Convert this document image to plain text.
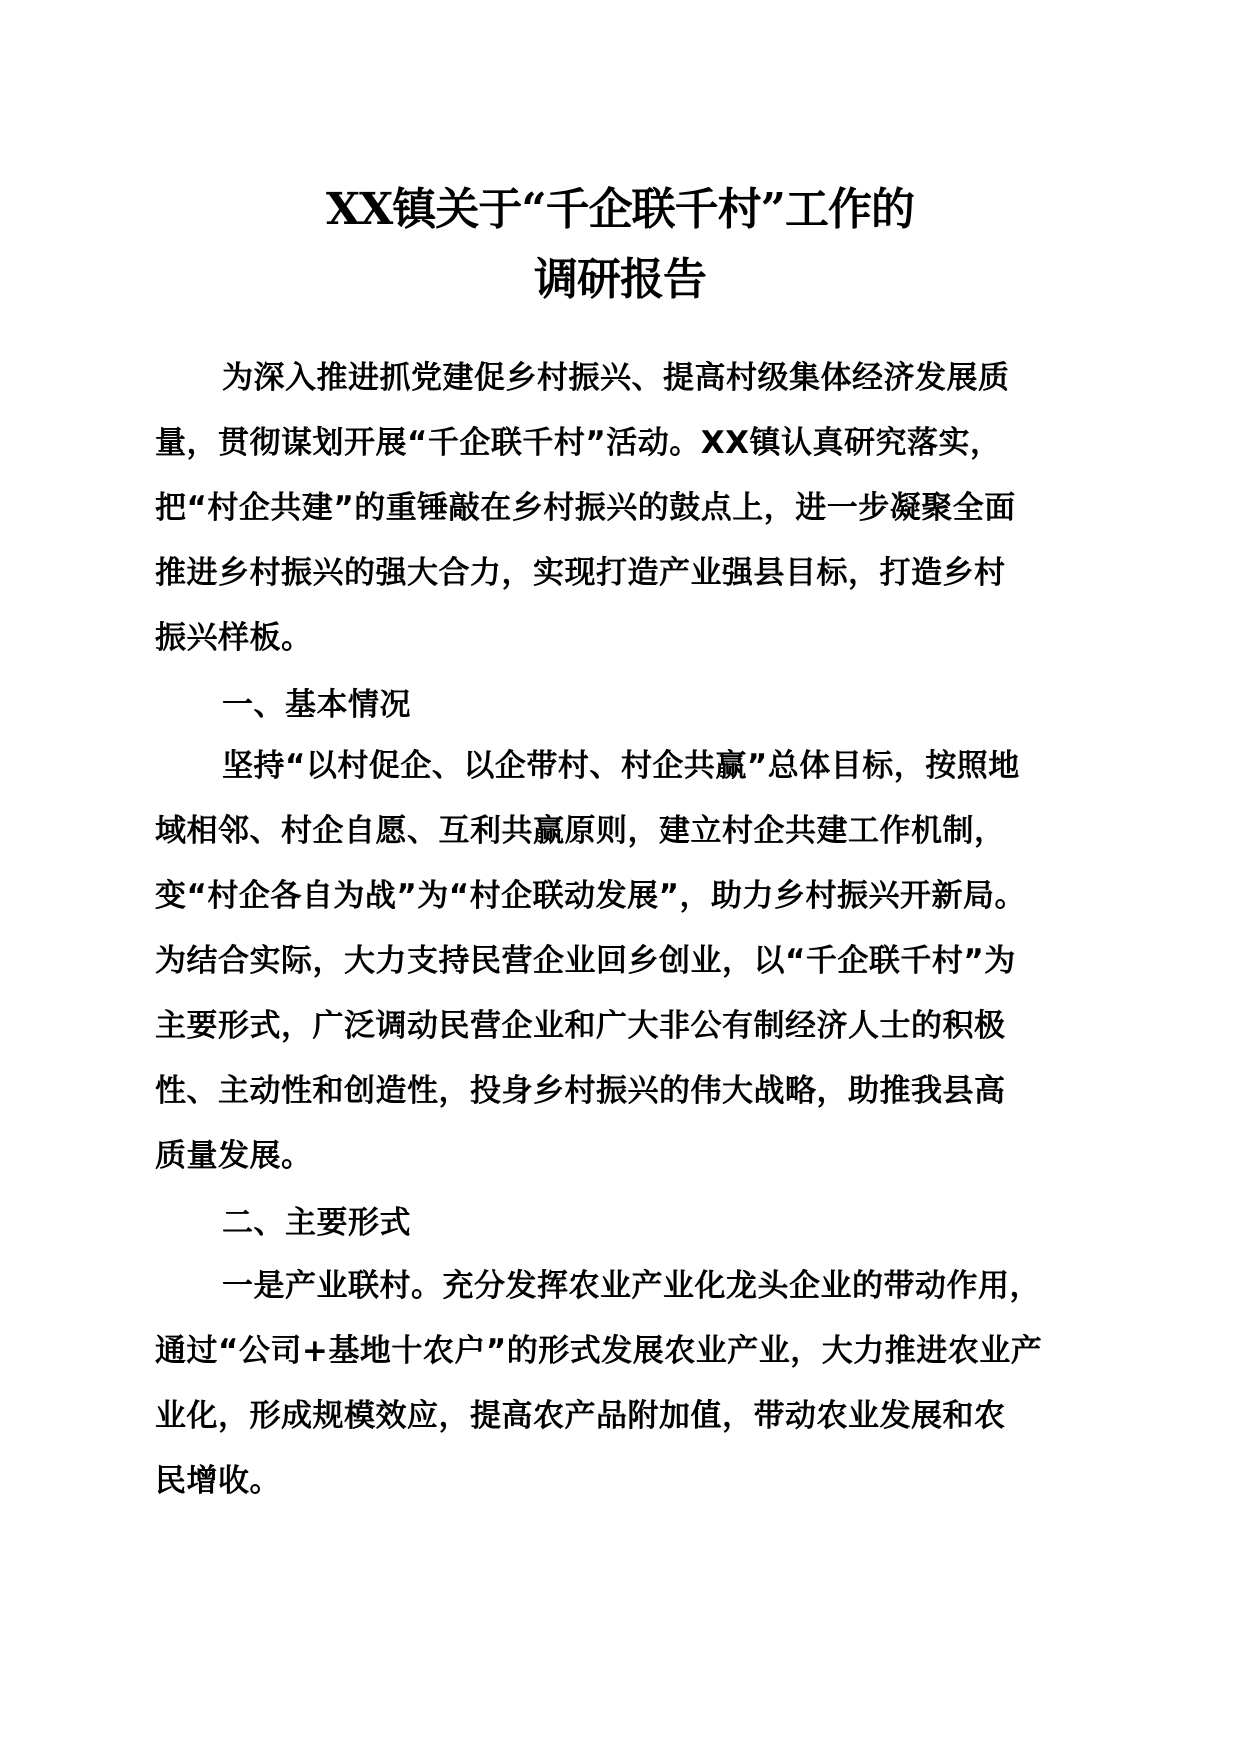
XX镇关于“千企联千村”工作的
调研报告
为深入推进抓党建促乡村振兴、提高村级集体经济发展质
量，贯彻谋划开展“千企联千村”活动。XX镇认真研究落实，
把“村企共建”的重锤敲在乡村振兴的鼓点上，进一步凝聚全面
推进乡村振兴的强大合力，实现打造产业强县目标，打造乡村
振兴样板。
一、基本情况
坚持“以村促企、以企带村、村企共赢”总体目标，按照地
域相邻、村企自愿、互利共赢原则，建立村企共建工作机制，
变“村企各自为战”为“村企联动发展”，助力乡村振兴开新局。
为结合实际，大力支持民营企业回乡创业，以“千企联千村”为
主要形式，广泛调动民营企业和广大非公有制经济人士的积极
性、主动性和创造性，投身乡村振兴的伟大战略，助推我县高
质量发展。
二、主要形式
一是产业联村。充分发挥农业产业化龙头企业的带动作用，
通过“公司+基地十农户”的形式发展农业产业，大力推进农业产
业化，形成规模效应，提高农产品附加值，带动农业发展和农
民增收。
